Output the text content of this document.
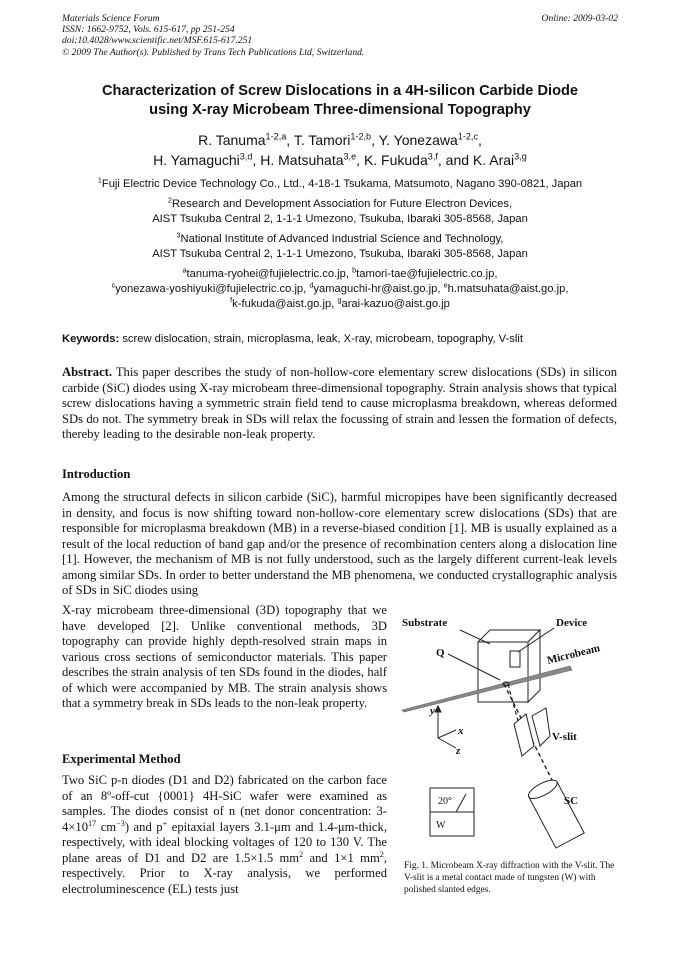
Materials Science Forum
ISSN: 1662-9752, Vols. 615-617, pp 251-254
doi:10.4028/www.scientific.net/MSF.615-617.251
© 2009 The Author(s). Published by Trans Tech Publications Ltd, Switzerland.
Online: 2009-03-02
Characterization of Screw Dislocations in a 4H-silicon Carbide Diode
using X-ray Microbeam Three-dimensional Topography
R. Tanuma$^{1-2,a}$, T. Tamori$^{1-2,b}$, Y. Yonezawa$^{1-2,c}$,
H. Yamaguchi$^{3,d}$, H. Matsuhata$^{3,e}$, K. Fukuda$^{3,f}$, and K. Arai$^{3,g}$
$^1$Fuji Electric Device Technology Co., Ltd., 4-18-1 Tsukama, Matsumoto, Nagano 390-0821, Japan
$^2$Research and Development Association for Future Electron Devices,
AIST Tsukuba Central 2, 1-1-1 Umezono, Tsukuba, Ibaraki 305-8568, Japan
$^3$National Institute of Advanced Industrial Science and Technology,
AIST Tsukuba Central 2, 1-1-1 Umezono, Tsukuba, Ibaraki 305-8568, Japan
$^a$tanuma-ryohei@fujielectric.co.jp, $^b$tamori-tae@fujielectric.co.jp,
$^c$yonezawa-yoshiyuki@fujielectric.co.jp, $^d$yamaguchi-hr@aist.go.jp, $^e$h.matsuhata@aist.go.jp,
$^f$k-fukuda@aist.go.jp, $^g$arai-kazuo@aist.go.jp
Keywords: screw dislocation, strain, microplasma, leak, X-ray, microbeam, topography, V-slit
Abstract. This paper describes the study of non-hollow-core elementary screw dislocations (SDs) in silicon carbide (SiC) diodes using X-ray microbeam three-dimensional topography. Strain analysis shows that typical screw dislocations having a symmetric strain field tend to cause microplasma breakdown, whereas deformed SDs do not. The symmetry break in SDs will relax the focussing of strain and lessen the formation of defects, thereby leading to the desirable non-leak property.
Introduction
Among the structural defects in silicon carbide (SiC), harmful micropipes have been significantly decreased in density, and focus is now shifting toward non-hollow-core elementary screw dislocations (SDs) that are responsible for microplasma breakdown (MB) in a reverse-biased condition [1]. MB is usually explained as a result of the local reduction of band gap and/or the presence of recombination centers along a dislocation line [1]. However, the mechanism of MB is not fully understood, such as the largely different current-leak levels among similar SDs. In order to better understand the MB phenomena, we conducted crystallographic analysis of SDs in SiC diodes using
X-ray microbeam three-dimensional (3D) topography that we have developed [2]. Unlike conventional methods, 3D topography can provide highly depth-resolved strain maps in various cross sections of semiconductor materials. This paper describes the strain analysis of ten SDs found in the diodes, half of which were accompanied by MB. The strain analysis shows that a symmetry break in SDs leads to the non-leak property.
Experimental Method
Two SiC p-n diodes (D1 and D2) fabricated on the carbon face of an 8º-off-cut {0001} 4H-SiC wafer were examined as samples. The diodes consist of n (net donor concentration: $3-4\times 10^{17}$ $cm^{-3}$) and p+ epitaxial layers 3.1-μm and 1.4-μm-thick, respectively, with ideal blocking voltages of 120 to 130 V. The plane areas of D1 and D2 are 1.5×1.5 $mm^2$ and 1×1 $mm^2$, respectively. Prior to X-ray analysis, we performed electroluminescence (EL) tests just
Substrate	Device
Q	Microbeam
y
x
z
V-slit
SC
20°
W
Fig. 1. Microbeam X-ray diffraction with the V-slit. The V-slit is a metal contact made of tungsten (W) with polished slanted edges.
